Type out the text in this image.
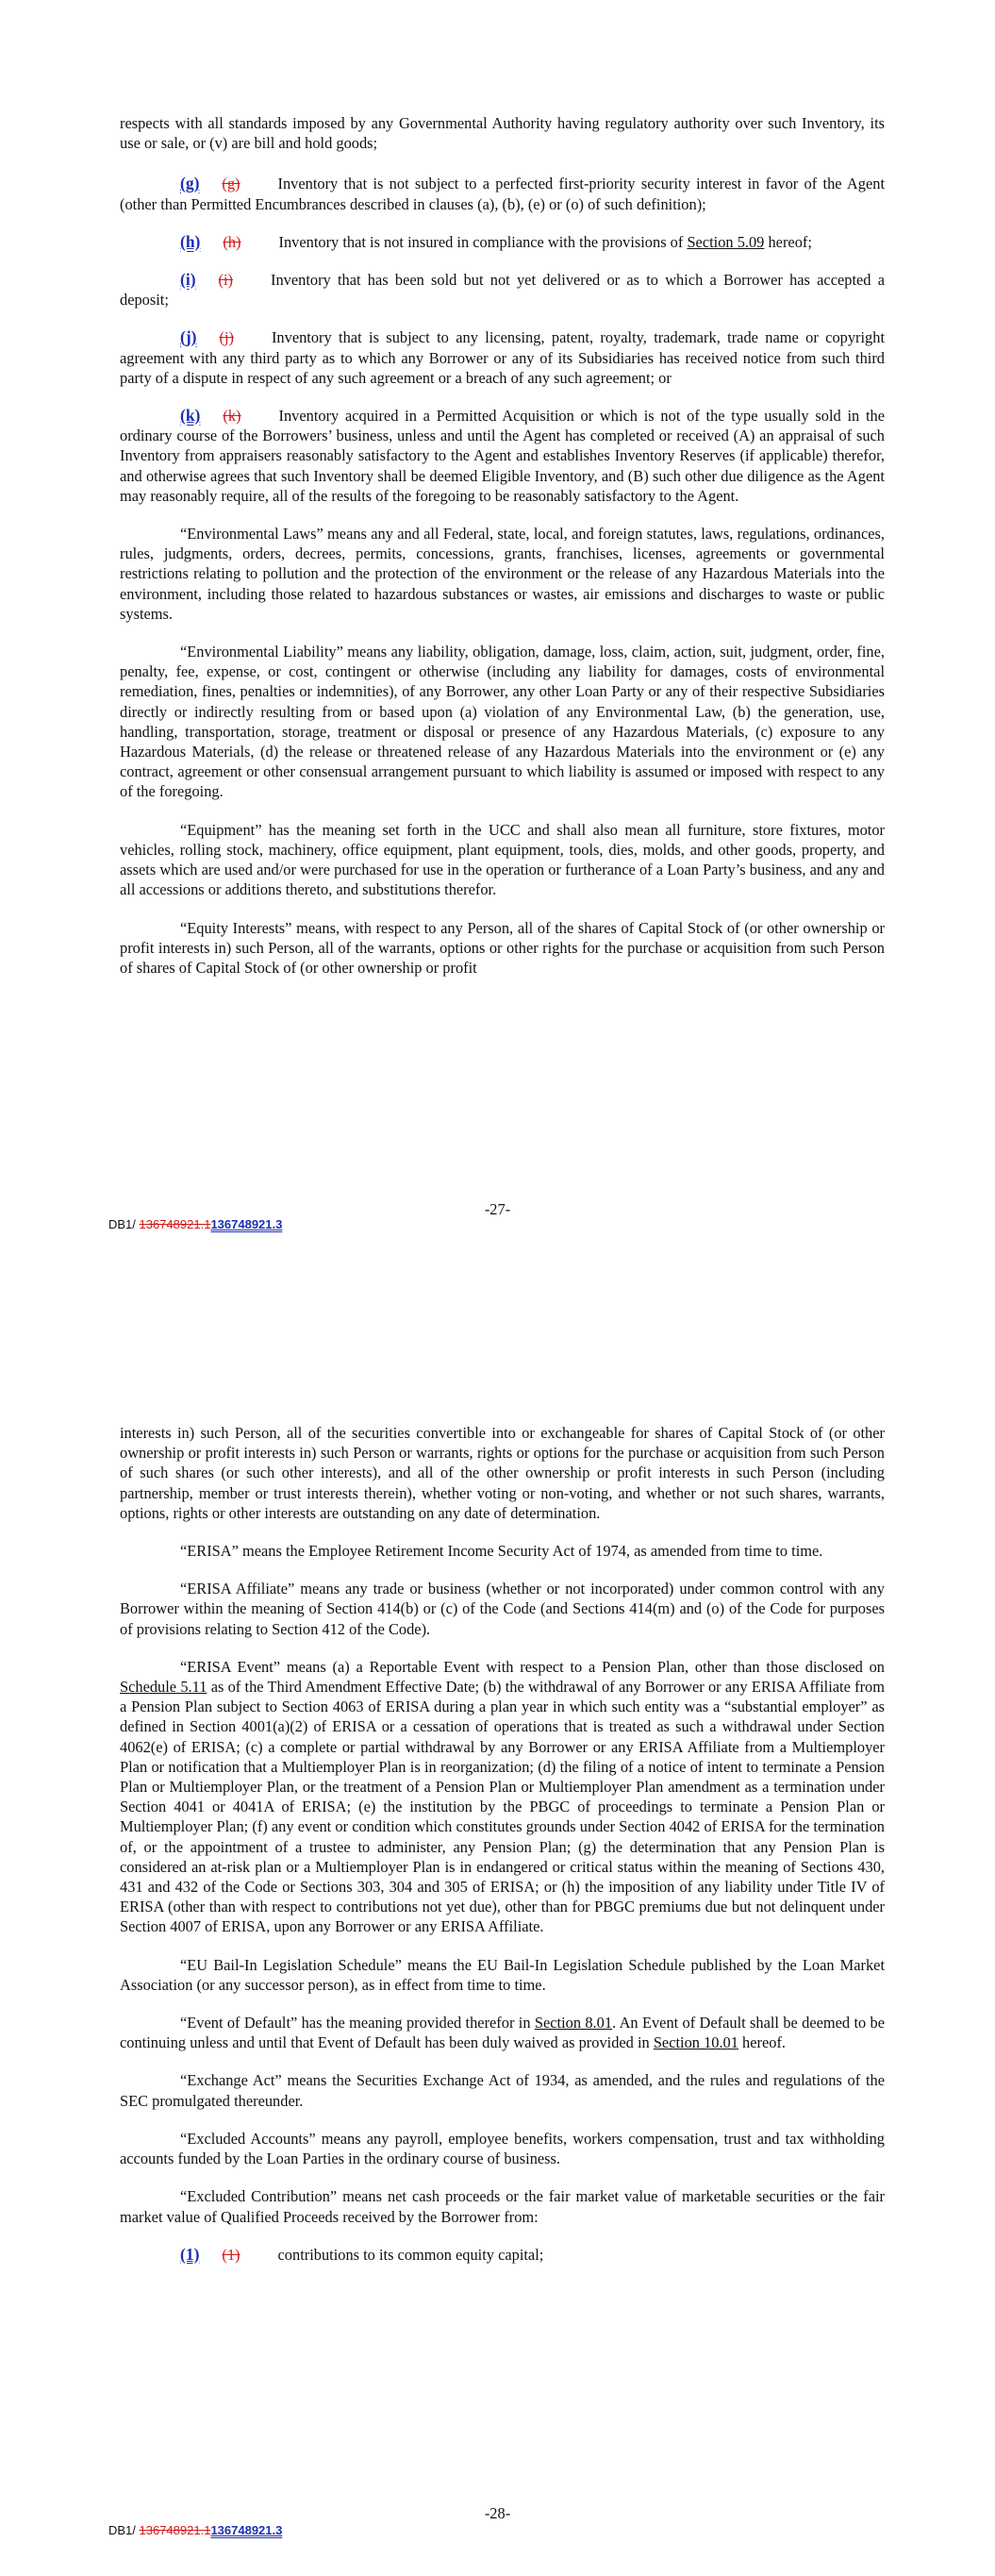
respects with all standards imposed by any Governmental Authority having regulatory authority over such Inventory, its use or sale, or (v) are bill and hold goods;

(g) (g) Inventory that is not subject to a perfected first-priority security interest in favor of the Agent (other than Permitted Encumbrances described in clauses (a), (b), (e) or (o) of such definition);

(h) (h) Inventory that is not insured in compliance with the provisions of Section 5.09 hereof;

(i) (i) Inventory that has been sold but not yet delivered or as to which a Borrower has accepted a deposit;

(j) (j) Inventory that is subject to any licensing, patent, royalty, trademark, trade name or copyright agreement with any third party as to which any Borrower or any of its Subsidiaries has received notice from such third party of a dispute in respect of any such agreement or a breach of any such agreement; or

(k) (k) Inventory acquired in a Permitted Acquisition or which is not of the type usually sold in the ordinary course of the Borrowers’ business, unless and until the Agent has completed or received (A) an appraisal of such Inventory from appraisers reasonably satisfactory to the Agent and establishes Inventory Reserves (if applicable) therefor, and otherwise agrees that such Inventory shall be deemed Eligible Inventory, and (B) such other due diligence as the Agent may reasonably require, all of the results of the foregoing to be reasonably satisfactory to the Agent.

“Environmental Laws” means any and all Federal, state, local, and foreign statutes, laws, regulations, ordinances, rules, judgments, orders, decrees, permits, concessions, grants, franchises, licenses, agreements or governmental restrictions relating to pollution and the protection of the environment or the release of any Hazardous Materials into the environment, including those related to hazardous substances or wastes, air emissions and discharges to waste or public systems.

“Environmental Liability” means any liability, obligation, damage, loss, claim, action, suit, judgment, order, fine, penalty, fee, expense, or cost, contingent or otherwise (including any liability for damages, costs of environmental remediation, fines, penalties or indemnities), of any Borrower, any other Loan Party or any of their respective Subsidiaries directly or indirectly resulting from or based upon (a) violation of any Environmental Law, (b) the generation, use, handling, transportation, storage, treatment or disposal or presence of any Hazardous Materials, (c) exposure to any Hazardous Materials, (d) the release or threatened release of any Hazardous Materials into the environment or (e) any contract, agreement or other consensual arrangement pursuant to which liability is assumed or imposed with respect to any of the foregoing.

“Equipment” has the meaning set forth in the UCC and shall also mean all furniture, store fixtures, motor vehicles, rolling stock, machinery, office equipment, plant equipment, tools, dies, molds, and other goods, property, and assets which are used and/or were purchased for use in the operation or furtherance of a Loan Party’s business, and any and all accessions or additions thereto, and substitutions therefor.

“Equity Interests” means, with respect to any Person, all of the shares of Capital Stock of (or other ownership or profit interests in) such Person, all of the warrants, options or other rights for the purchase or acquisition from such Person of shares of Capital Stock of (or other ownership or profit

-27-
DB1/ 136748921.1136748921.3

interests in) such Person, all of the securities convertible into or exchangeable for shares of Capital Stock of (or other ownership or profit interests in) such Person or warrants, rights or options for the purchase or acquisition from such Person of such shares (or such other interests), and all of the other ownership or profit interests in such Person (including partnership, member or trust interests therein), whether voting or non-voting, and whether or not such shares, warrants, options, rights or other interests are outstanding on any date of determination.

“ERISA” means the Employee Retirement Income Security Act of 1974, as amended from time to time.

“ERISA Affiliate” means any trade or business (whether or not incorporated) under common control with any Borrower within the meaning of Section 414(b) or (c) of the Code (and Sections 414(m) and (o) of the Code for purposes of provisions relating to Section 412 of the Code).

“ERISA Event” means (a) a Reportable Event with respect to a Pension Plan, other than those disclosed on Schedule 5.11 as of the Third Amendment Effective Date; (b) the withdrawal of any Borrower or any ERISA Affiliate from a Pension Plan subject to Section 4063 of ERISA during a plan year in which such entity was a “substantial employer” as defined in Section 4001(a)(2) of ERISA or a cessation of operations that is treated as such a withdrawal under Section 4062(e) of ERISA; (c) a complete or partial withdrawal by any Borrower or any ERISA Affiliate from a Multiemployer Plan or notification that a Multiemployer Plan is in reorganization; (d) the filing of a notice of intent to terminate a Pension Plan or Multiemployer Plan, or the treatment of a Pension Plan or Multiemployer Plan amendment as a termination under Section 4041 or 4041A of ERISA; (e) the institution by the PBGC of proceedings to terminate a Pension Plan or Multiemployer Plan; (f) any event or condition which constitutes grounds under Section 4042 of ERISA for the termination of, or the appointment of a trustee to administer, any Pension Plan; (g) the determination that any Pension Plan is considered an at-risk plan or a Multiemployer Plan is in endangered or critical status within the meaning of Sections 430, 431 and 432 of the Code or Sections 303, 304 and 305 of ERISA; or (h) the imposition of any liability under Title IV of ERISA (other than with respect to contributions not yet due), other than for PBGC premiums due but not delinquent under Section 4007 of ERISA, upon any Borrower or any ERISA Affiliate.

“EU Bail-In Legislation Schedule” means the EU Bail-In Legislation Schedule published by the Loan Market Association (or any successor person), as in effect from time to time.

“Event of Default” has the meaning provided therefor in Section 8.01. An Event of Default shall be deemed to be continuing unless and until that Event of Default has been duly waived as provided in Section 10.01 hereof.

“Exchange Act” means the Securities Exchange Act of 1934, as amended, and the rules and regulations of the SEC promulgated thereunder.

“Excluded Accounts” means any payroll, employee benefits, workers compensation, trust and tax withholding accounts funded by the Loan Parties in the ordinary course of business.

“Excluded Contribution” means net cash proceeds or the fair market value of marketable securities or the fair market value of Qualified Proceeds received by the Borrower from:

(1) (1) contributions to its common equity capital;

-28-
DB1/ 136748921.1136748921.3
